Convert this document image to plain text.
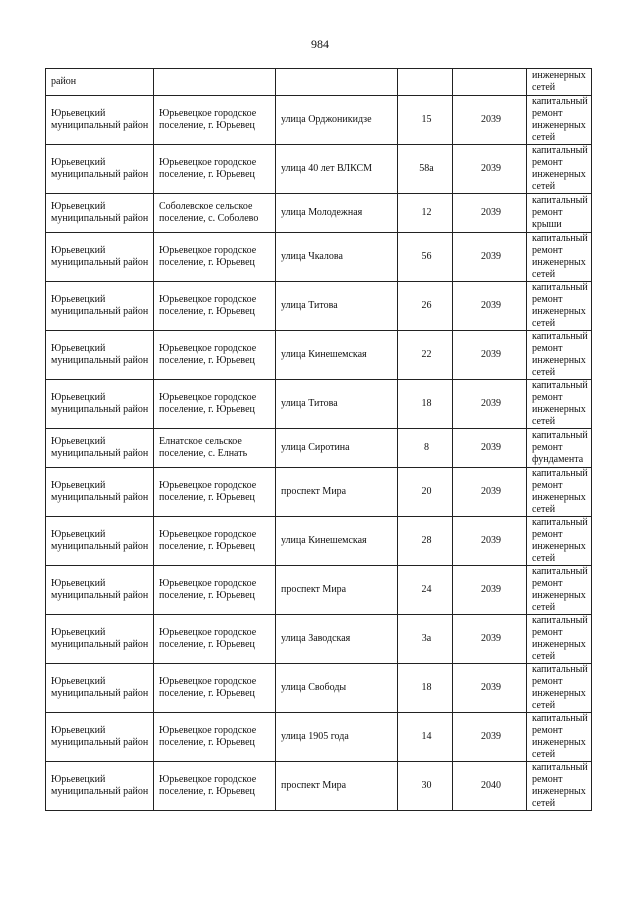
984
район					инженерных сетей
Юрьевецкий муниципальный район	Юрьевецкое городское поселение, г. Юрьевец	улица Орджоникидзе	15	2039	капитальный ремонт инженерных сетей
Юрьевецкий муниципальный район	Юрьевецкое городское поселение, г. Юрьевец	улица 40 лет ВЛКСМ	58а	2039	капитальный ремонт инженерных сетей
Юрьевецкий муниципальный район	Соболевское сельское поселение, с. Соболево	улица Молодежная	12	2039	капитальный ремонт крыши
Юрьевецкий муниципальный район	Юрьевецкое городское поселение, г. Юрьевец	улица Чкалова	56	2039	капитальный ремонт инженерных сетей
Юрьевецкий муниципальный район	Юрьевецкое городское поселение, г. Юрьевец	улица Титова	26	2039	капитальный ремонт инженерных сетей
Юрьевецкий муниципальный район	Юрьевецкое городское поселение, г. Юрьевец	улица Кинешемская	22	2039	капитальный ремонт инженерных сетей
Юрьевецкий муниципальный район	Юрьевецкое городское поселение, г. Юрьевец	улица Титова	18	2039	капитальный ремонт инженерных сетей
Юрьевецкий муниципальный район	Елнатское сельское поселение, с. Елнать	улица Сиротина	8	2039	капитальный ремонт фундамента
Юрьевецкий муниципальный район	Юрьевецкое городское поселение, г. Юрьевец	проспект Мира	20	2039	капитальный ремонт инженерных сетей
Юрьевецкий муниципальный район	Юрьевецкое городское поселение, г. Юрьевец	улица Кинешемская	28	2039	капитальный ремонт инженерных сетей
Юрьевецкий муниципальный район	Юрьевецкое городское поселение, г. Юрьевец	проспект Мира	24	2039	капитальный ремонт инженерных сетей
Юрьевецкий муниципальный район	Юрьевецкое городское поселение, г. Юрьевец	улица Заводская	3а	2039	капитальный ремонт инженерных сетей
Юрьевецкий муниципальный район	Юрьевецкое городское поселение, г. Юрьевец	улица Свободы	18	2039	капитальный ремонт инженерных сетей
Юрьевецкий муниципальный район	Юрьевецкое городское поселение, г. Юрьевец	улица 1905 года	14	2039	капитальный ремонт инженерных сетей
Юрьевецкий муниципальный район	Юрьевецкое городское поселение, г. Юрьевец	проспект Мира	30	2040	капитальный ремонт инженерных сетей
